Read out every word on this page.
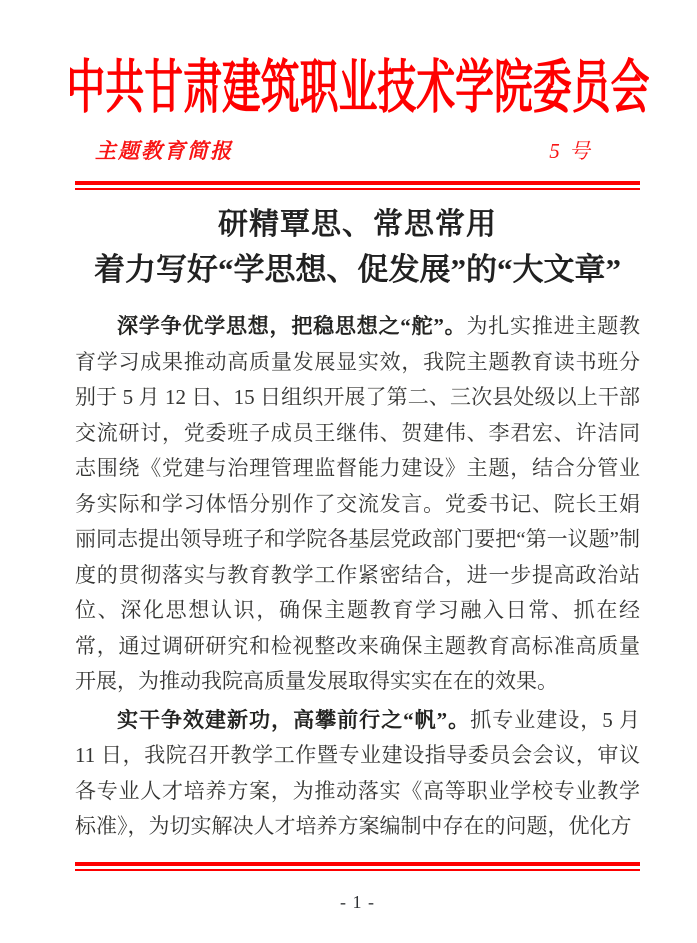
中共甘肃建筑职业技术学院委员会
主题教育简报	5 号
研精覃思、常思常用
着力写好“学思想、促发展”的“大文章”

深学争优学思想，把稳思想之“舵”。为扎实推进主题教育学习成果推动高质量发展显实效，我院主题教育读书班分别于 5 月 12 日、15 日组织开展了第二、三次县处级以上干部交流研讨，党委班子成员王继伟、贺建伟、李君宏、许洁同志围绕《党建与治理管理监督能力建设》主题，结合分管业务实际和学习体悟分别作了交流发言。党委书记、院长王娟丽同志提出领导班子和学院各基层党政部门要把“第一议题”制度的贯彻落实与教育教学工作紧密结合，进一步提高政治站位、深化思想认识，确保主题教育学习融入日常、抓在经常，通过调研研究和检视整改来确保主题教育高标准高质量开展，为推动我院高质量发展取得实实在在的效果。

实干争效建新功，高攀前行之“帆”。抓专业建设，5 月 11 日，我院召开教学工作暨专业建设指导委员会会议，审议各专业人才培养方案，为推动落实《高等职业学校专业教学标准》，为切实解决人才培养方案编制中存在的问题，优化方

- 1 -
